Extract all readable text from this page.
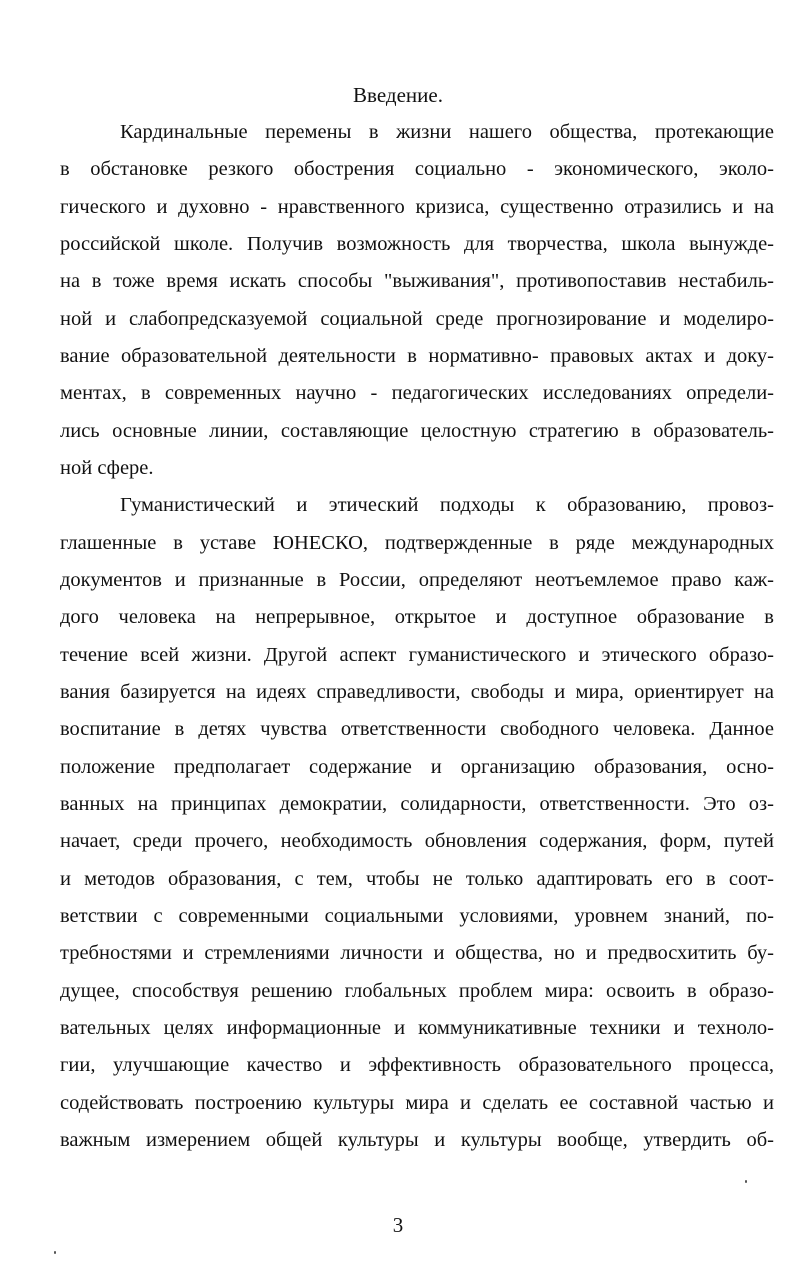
Введение.

Кардинальные перемены в жизни нашего общества, протекающие

в обстановке резкого обострения социально - экономического, эколо-

гического и духовно - нравственного кризиса, существенно отразились и на

российской школе. Получив возможность для творчества, школа вынужде-

на в тоже время искать способы "выживания", противопоставив нестабиль-

ной и слабопредсказуемой социальной среде прогнозирование и моделиро-

вание образовательной деятельности в нормативно- правовых актах и доку-

ментах, в современных научно - педагогических исследованиях определи-

лись основные линии, составляющие целостную стратегию в образователь-

ной сфере.

Гуманистический и этический подходы к образованию, провоз-

глашенные в уставе ЮНЕСКО, подтвержденные в ряде международных

документов и признанные в России, определяют неотъемлемое право каж-

дого человека на непрерывное, открытое и доступное образование в

течение всей жизни. Другой аспект гуманистического и этического образо-

вания базируется на идеях справедливости, свободы и мира, ориентирует на

воспитание в детях чувства ответственности свободного человека. Данное

положение предполагает содержание и организацию образования, осно-

ванных на принципах демократии, солидарности, ответственности. Это оз-

начает, среди прочего, необходимость обновления содержания, форм, путей

и методов образования, с тем, чтобы не только адаптировать его в соот-

ветствии с современными социальными условиями, уровнем знаний, по-

требностями и стремлениями личности и общества, но и предвосхитить бу-

дущее, способствуя решению глобальных проблем мира: освоить в образо-

вательных целях информационные и коммуникативные техники и техноло-

гии, улучшающие качество и эффективность образовательного процесса,

содействовать построению культуры мира и сделать ее составной частью и

важным измерением общей культуры и культуры вообще, утвердить об-

3
